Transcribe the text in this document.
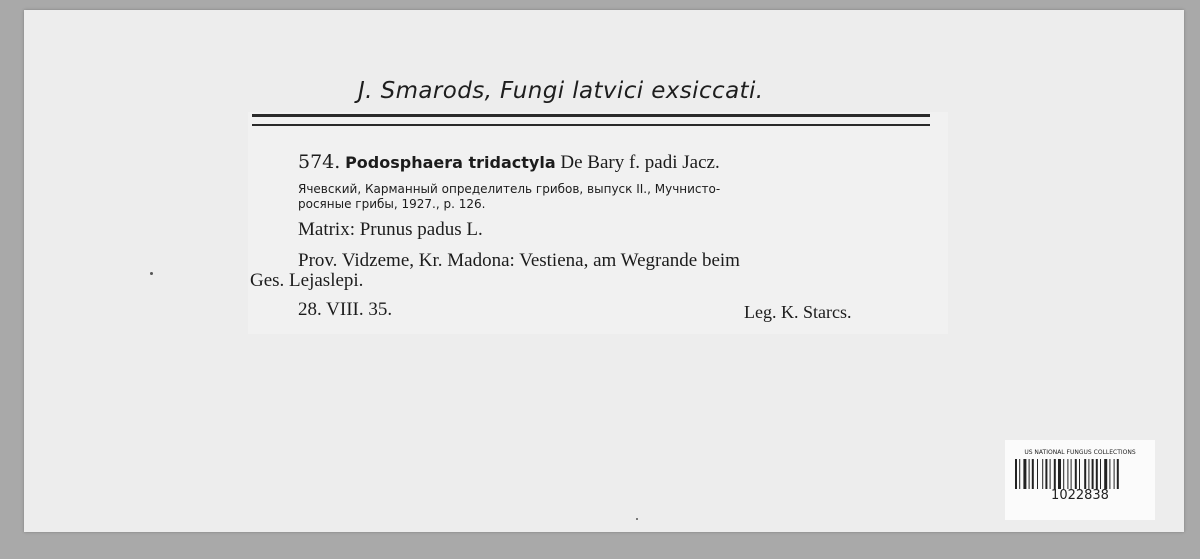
J. Smarods, Fungi latvici exsiccati.
574. Podosphaera tridactyla De Bary f. padi Jacz.
Ячевский, Карманный определитель грибов, выпуск II., Мучнисто-
росяные грибы, 1927., p. 126.
Matrix: Prunus padus L.
Prov. Vidzeme, Kr. Madona: Vestiena, am Wegrande beim
Ges. Lejaslepi.
28. VIII. 35.	Leg. K. Starcs.
US NATIONAL FUNGUS COLLECTIONS
1022838
